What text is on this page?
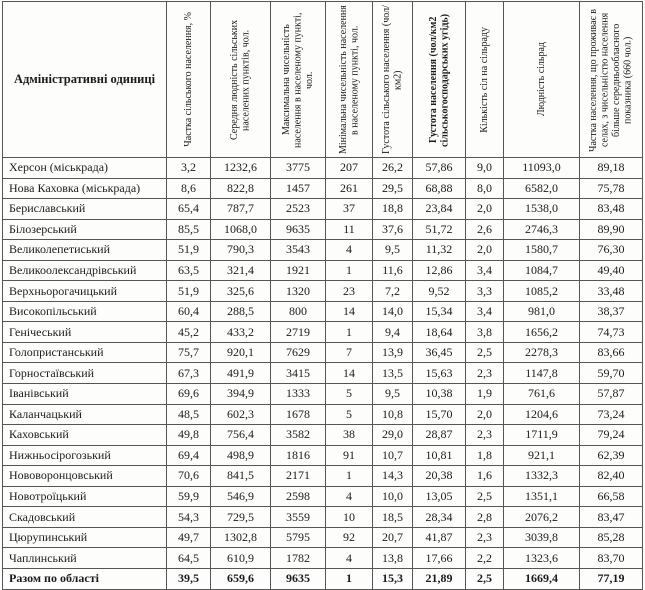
Адміністративні одиниці	Частка сільського населення, %	Середня людність сільських населених пунктів, чол.	Максимальна чисельність населення в населеному пункті, чол.	Мінімальна чисельність населення в населеному пункті, чол.	Густота сільського населення (чол/км2)	Густота населення (чол/км2 сільськогосподарських угідь)	Кількість сіл на сільраду	Людність сільрад	Частка населення, що проживає в селах, з чисельністю населення більше середньообласного показника (660 чол.)

Херсон (міськрада)	3,2	1232,6	3775	207	26,2	57,86	9,0	11093,0	89,18
Нова Каховка (міськрада)	8,6	822,8	1457	261	29,5	68,88	8,0	6582,0	75,78
Бериславський	65,4	787,7	2523	37	18,8	23,84	2,0	1538,0	83,48
Білозерський	85,5	1068,0	9635	11	37,6	51,72	2,6	2746,3	89,90
Великолепетиський	51,9	790,3	3543	4	9,5	11,32	2,0	1580,7	76,30
Великоолександрівський	63,5	321,4	1921	1	11,6	12,86	3,4	1084,7	49,40
Верхньорогачицький	51,9	325,6	1320	23	7,2	9,52	3,3	1085,2	33,48
Високопільський	60,4	288,5	800	14	14,0	15,34	3,4	981,0	38,37
Генічеський	45,2	433,2	2719	1	9,4	18,64	3,8	1656,2	74,73
Голопристанський	75,7	920,1	7629	7	13,9	36,45	2,5	2278,3	83,66
Горностаївський	67,3	491,9	3415	14	13,5	15,63	2,3	1147,8	59,70
Іванівський	69,6	394,9	1333	5	9,5	10,38	1,9	761,6	57,87
Каланчацький	48,5	602,3	1678	5	10,8	15,70	2,0	1204,6	73,24
Каховський	49,8	756,4	3582	38	29,0	28,87	2,3	1711,9	79,24
Нижньосірогозький	69,4	498,9	1816	91	10,7	10,81	1,8	921,1	62,39
Нововоронцовський	70,6	841,5	2171	1	14,3	20,38	1,6	1332,3	82,40
Новотроїцький	59,9	546,9	2598	4	10,0	13,05	2,5	1351,1	66,58
Скадовський	54,3	729,5	3559	10	18,5	28,34	2,8	2076,2	83,47
Цюрупинський	49,7	1302,8	5795	92	20,7	41,87	2,3	3039,8	85,28
Чаплинський	64,5	610,9	1782	4	13,8	17,66	2,2	1323,6	83,70
Разом по області	39,5	659,6	9635	1	15,3	21,89	2,5	1669,4	77,19
